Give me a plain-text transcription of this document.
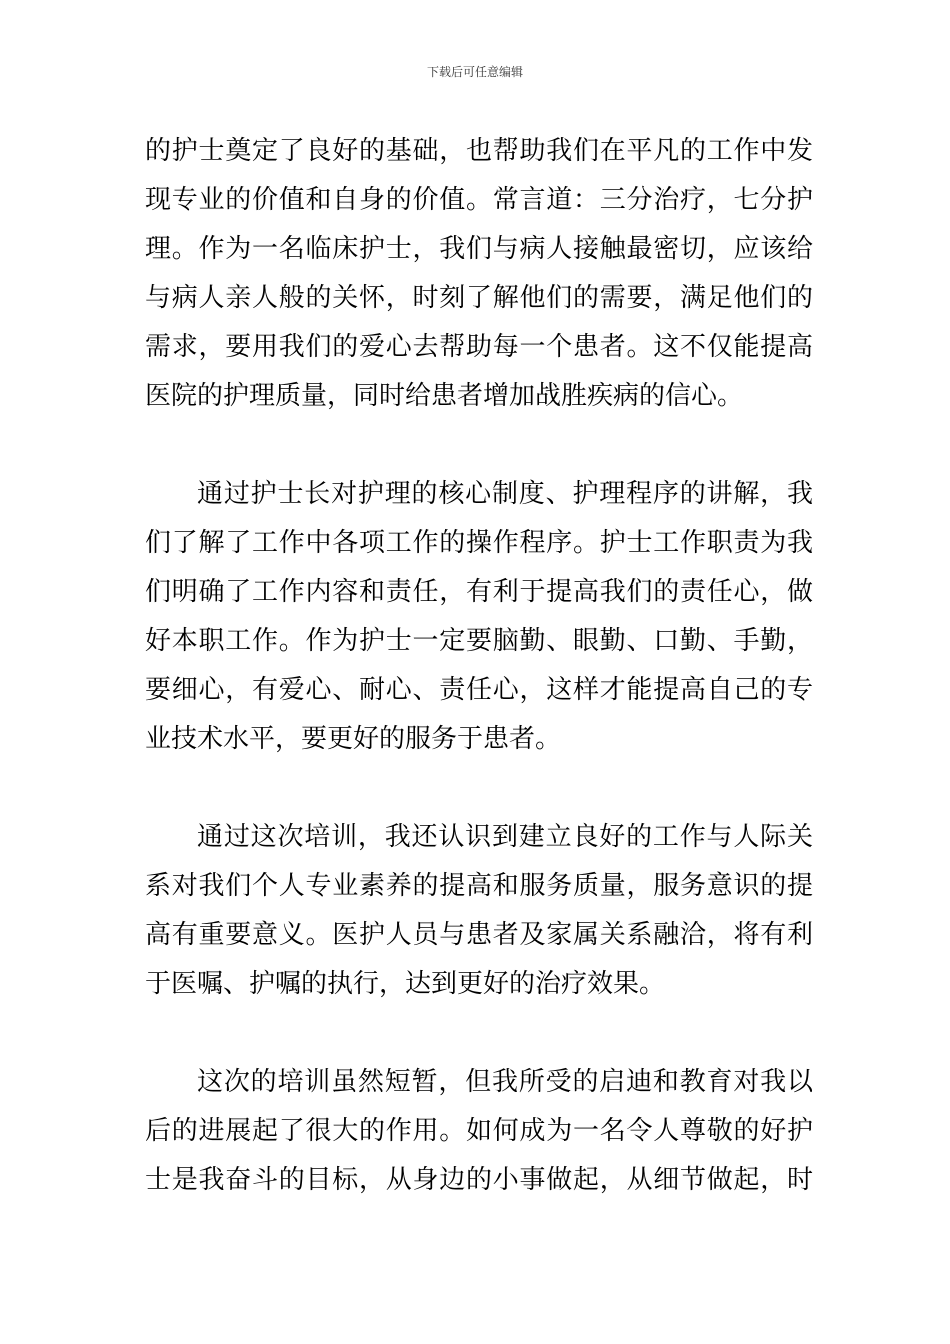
下载后可任意编辑
的护士奠定了良好的基础，也帮助我们在平凡的工作中发
现专业的价值和自身的价值。常言道：三分治疗，七分护
理。作为一名临床护士，我们与病人接触最密切，应该给
与病人亲人般的关怀，时刻了解他们的需要，满足他们的
需求，要用我们的爱心去帮助每一个患者。这不仅能提高
医院的护理质量，同时给患者增加战胜疾病的信心。
通过护士长对护理的核心制度、护理程序的讲解，我
们了解了工作中各项工作的操作程序。护士工作职责为我
们明确了工作内容和责任，有利于提高我们的责任心，做
好本职工作。作为护士一定要脑勤、眼勤、口勤、手勤，
要细心，有爱心、耐心、责任心，这样才能提高自己的专
业技术水平，要更好的服务于患者。
通过这次培训，我还认识到建立良好的工作与人际关
系对我们个人专业素养的提高和服务质量，服务意识的提
高有重要意义。医护人员与患者及家属关系融洽，将有利
于医嘱、护嘱的执行，达到更好的治疗效果。
这次的培训虽然短暂，但我所受的启迪和教育对我以
后的进展起了很大的作用。如何成为一名令人尊敬的好护
士是我奋斗的目标，从身边的小事做起，从细节做起，时
